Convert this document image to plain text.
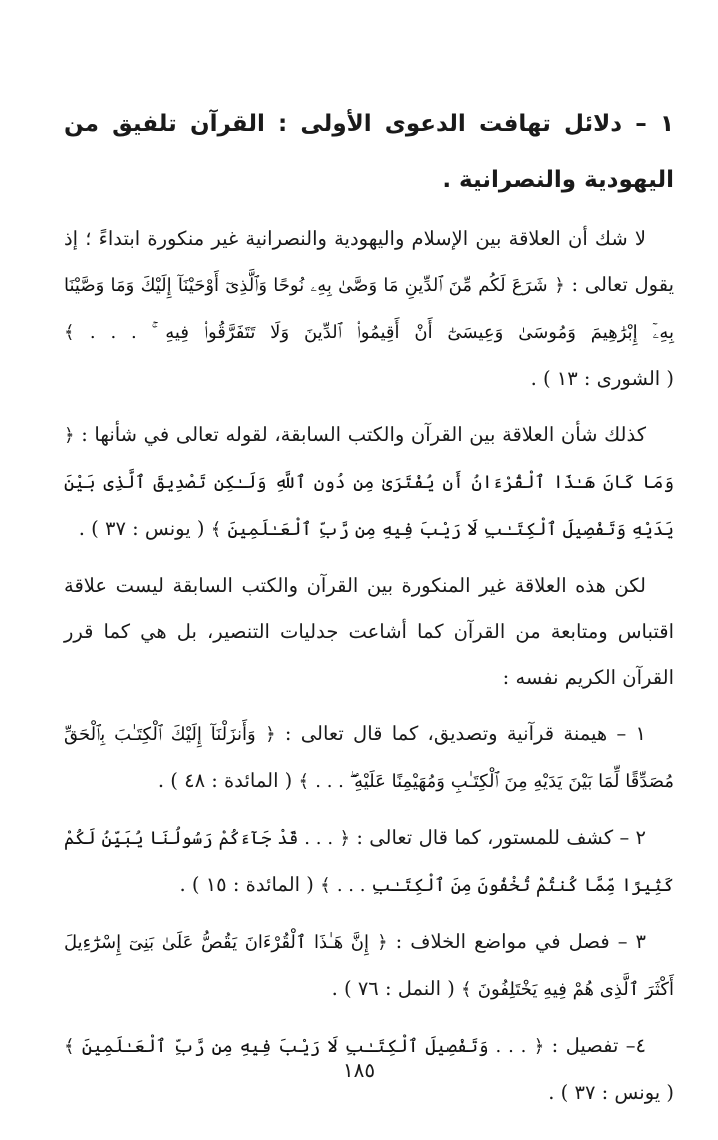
١ – دلائل تهافت الدعوى الأولى : القرآن تلفيق من اليهودية والنصرانية .

لا شك أن العلاقة بين الإسلام واليهودية والنصرانية غير منكورة ابتداءً ؛ إذ يقول تعالى : ﴿ شَرَعَ لَكُم مِّنَ ٱلدِّينِ مَا وَصَّىٰ بِهِۦ نُوحًا وَٱلَّذِىٓ أَوْحَيْنَآ إِلَيْكَ وَمَا وَصَّيْنَا بِهِۦٓ إِبْرَٰهِيمَ وَمُوسَىٰ وَعِيسَىٰٓ أَنْ أَقِيمُوا۟ ٱلدِّينَ وَلَا تَتَفَرَّقُوا۟ فِيهِ ۚ . . . ﴾ ( الشورى : ١٣ ) .

كذلك شأن العلاقة بين القرآن والكتب السابقة، لقوله تعالى في شأنها : ﴿ وَمَا كَانَ هَـٰذَا ٱلْقُرْءَانُ أَن يُفْتَرَىٰ مِن دُونِ ٱللَّهِ وَلَـٰكِن تَصْدِيقَ ٱلَّذِى بَيْنَ يَدَيْهِ وَتَفْصِيلَ ٱلْكِتَـٰبِ لَا رَيْبَ فِيهِ مِن رَّبِّ ٱلْعَـٰلَمِينَ ﴾ ( يونس : ٣٧ ) .

لكن هذه العلاقة غير المنكورة بين القرآن والكتب السابقة ليست علاقة اقتباس ومتابعة من القرآن كما أشاعت جدليات التنصير، بل هي كما قرر القرآن الكريم نفسه :

١ – هيمنة قرآنية وتصديق، كما قال تعالى : ﴿ وَأَنزَلْنَآ إِلَيْكَ ٱلْكِتَـٰبَ بِٱلْحَقِّ مُصَدِّقًا لِّمَا بَيْنَ يَدَيْهِ مِنَ ٱلْكِتَـٰبِ وَمُهَيْمِنًا عَلَيْهِ ۖ . . . ﴾ ( المائدة : ٤٨ ) .

٢ – كشف للمستور، كما قال تعالى : ﴿ . . . قَدْ جَآءَكُمْ رَسُولُنَا يُبَيِّنُ لَكُمْ كَثِيرًا مِّمَّا كُنتُمْ تُخْفُونَ مِنَ ٱلْكِتَـٰبِ . . . ﴾ ( المائدة : ١٥ ) .

٣ – فصل في مواضع الخلاف : ﴿ إِنَّ هَـٰذَا ٱلْقُرْءَانَ يَقُصُّ عَلَىٰ بَنِىٓ إِسْرَٰٓءِيلَ أَكْثَرَ ٱلَّذِى هُمْ فِيهِ يَخْتَلِفُونَ ﴾ ( النمل : ٧٦ ) .

٤– تفصيل : ﴿ . . . وَتَفْصِيلَ ٱلْكِتَـٰبِ لَا رَيْبَ فِيهِ مِن رَّبِّ ٱلْعَـٰلَمِينَ ﴾ ( يونس : ٣٧ ) .

١٨٥
